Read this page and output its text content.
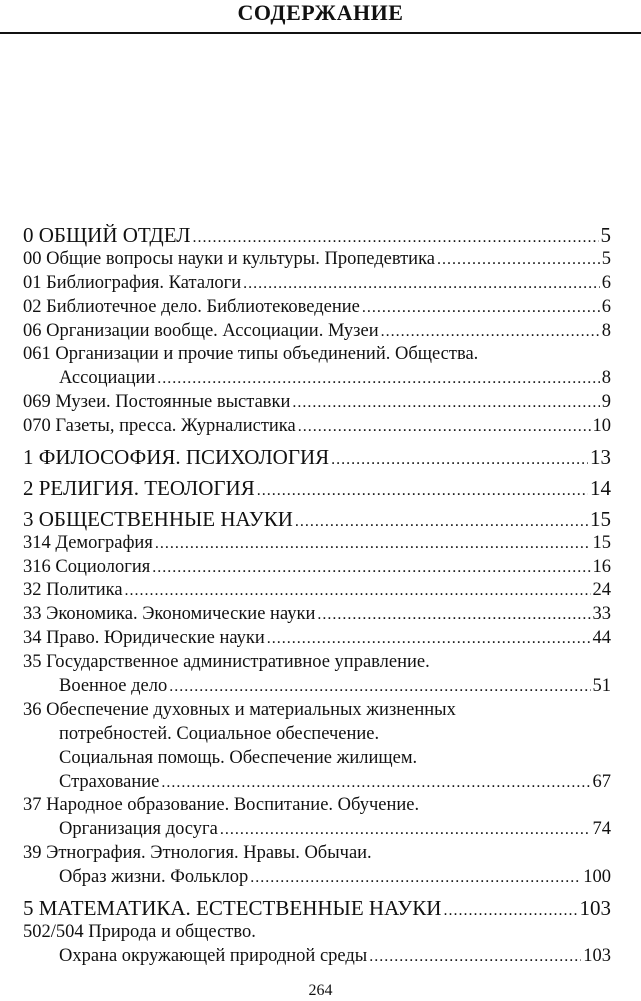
СОДЕРЖАНИЕ
0 ОБЩИЙ ОТДЕЛ .....	5
00 Общие вопросы науки и культуры. Пропедевтика .....	5
01 Библиография. Каталоги .....	6
02 Библиотечное дело. Библиотековедение .....	6
06 Организации вообще. Ассоциации. Музеи .....	8
061 Организации и прочие типы объединений. Общества.
Ассоциации .....	8
069 Музеи. Постоянные выставки .....	9
070 Газеты, пресса. Журналистика .....	10
1 ФИЛОСОФИЯ. ПСИХОЛОГИЯ .....	13
2 РЕЛИГИЯ. ТЕОЛОГИЯ .....	14
3 ОБЩЕСТВЕННЫЕ НАУКИ .....	15
314 Демография .....	15
316 Социология .....	16
32 Политика .....	24
33 Экономика. Экономические науки .....	33
34 Право. Юридические науки .....	44
35 Государственное административное управление.
Военное дело .....	51
36 Обеспечение духовных и материальных жизненных
потребностей. Социальное обеспечение.
Социальная помощь. Обеспечение жилищем.
Страхование .....	67
37 Народное образование. Воспитание. Обучение.
Организация досуга .....	74
39 Этнография. Этнология. Нравы. Обычаи.
Образ жизни. Фольклор .....	100
5 МАТЕМАТИКА. ЕСТЕСТВЕННЫЕ НАУКИ .....	103
502/504 Природа и общество.
Охрана окружающей природной среды .....	103
264
